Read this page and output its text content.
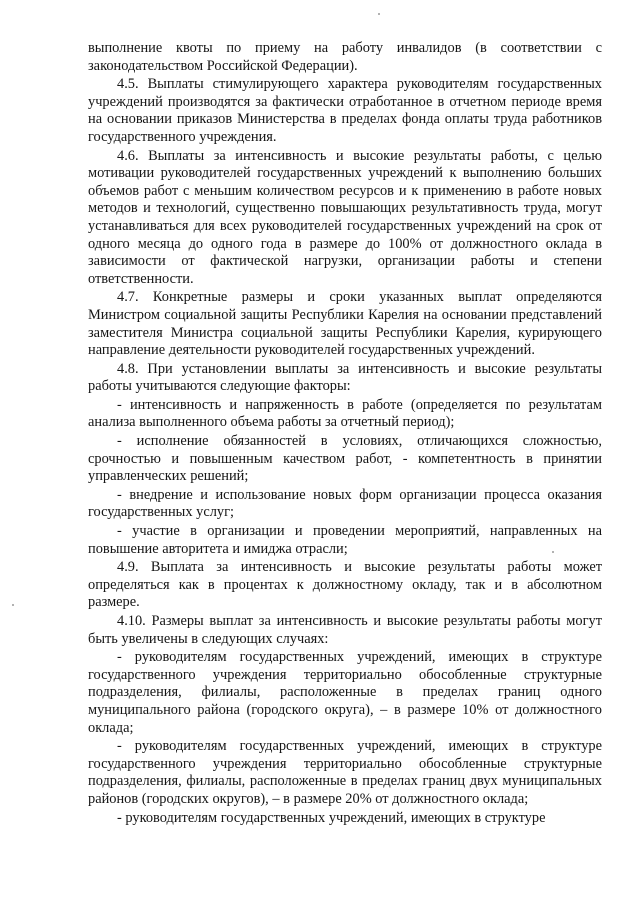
выполнение квоты по приему на работу инвалидов (в соответствии с законодательством Российской Федерации).

4.5. Выплаты стимулирующего характера руководителям государственных учреждений производятся за фактически отработанное в отчетном периоде время на основании приказов Министерства в пределах фонда оплаты труда работников государственного учреждения.

4.6. Выплаты за интенсивность и высокие результаты работы, с целью мотивации руководителей государственных учреждений к выполнению больших объемов работ с меньшим количеством ресурсов и к применению в работе новых методов и технологий, существенно повышающих результативность труда, могут устанавливаться для всех руководителей государственных учреждений на срок от одного месяца до одного года в размере до 100% от должностного оклада в зависимости от фактической нагрузки, организации работы и степени ответственности.

4.7. Конкретные размеры и сроки указанных выплат определяются Министром социальной защиты Республики Карелия на основании представлений заместителя Министра социальной защиты Республики Карелия, курирующего направление деятельности руководителей государственных учреждений.

4.8. При установлении выплаты за интенсивность и высокие результаты работы учитываются следующие факторы:

- интенсивность и напряженность в работе (определяется по результатам анализа выполненного объема работы за отчетный период);

- исполнение обязанностей в условиях, отличающихся сложностью, срочностью и повышенным качеством работ, - компетентность в принятии управленческих решений;

- внедрение и использование новых форм организации процесса оказания государственных услуг;

- участие в организации и проведении мероприятий, направленных на повышение авторитета и имиджа отрасли;

4.9. Выплата за интенсивность и высокие результаты работы может определяться как в процентах к должностному окладу, так и в абсолютном размере.

4.10. Размеры выплат за интенсивность и высокие результаты работы могут быть увеличены в следующих случаях:

- руководителям государственных учреждений, имеющих в структуре государственного учреждения территориально обособленные структурные подразделения, филиалы, расположенные в пределах границ одного муниципального района (городского округа), – в размере 10% от должностного оклада;

- руководителям государственных учреждений, имеющих в структуре государственного учреждения территориально обособленные структурные подразделения, филиалы, расположенные в пределах границ двух муниципальных районов (городских округов), – в размере 20% от должностного оклада;

- руководителям государственных учреждений, имеющих в структуре
